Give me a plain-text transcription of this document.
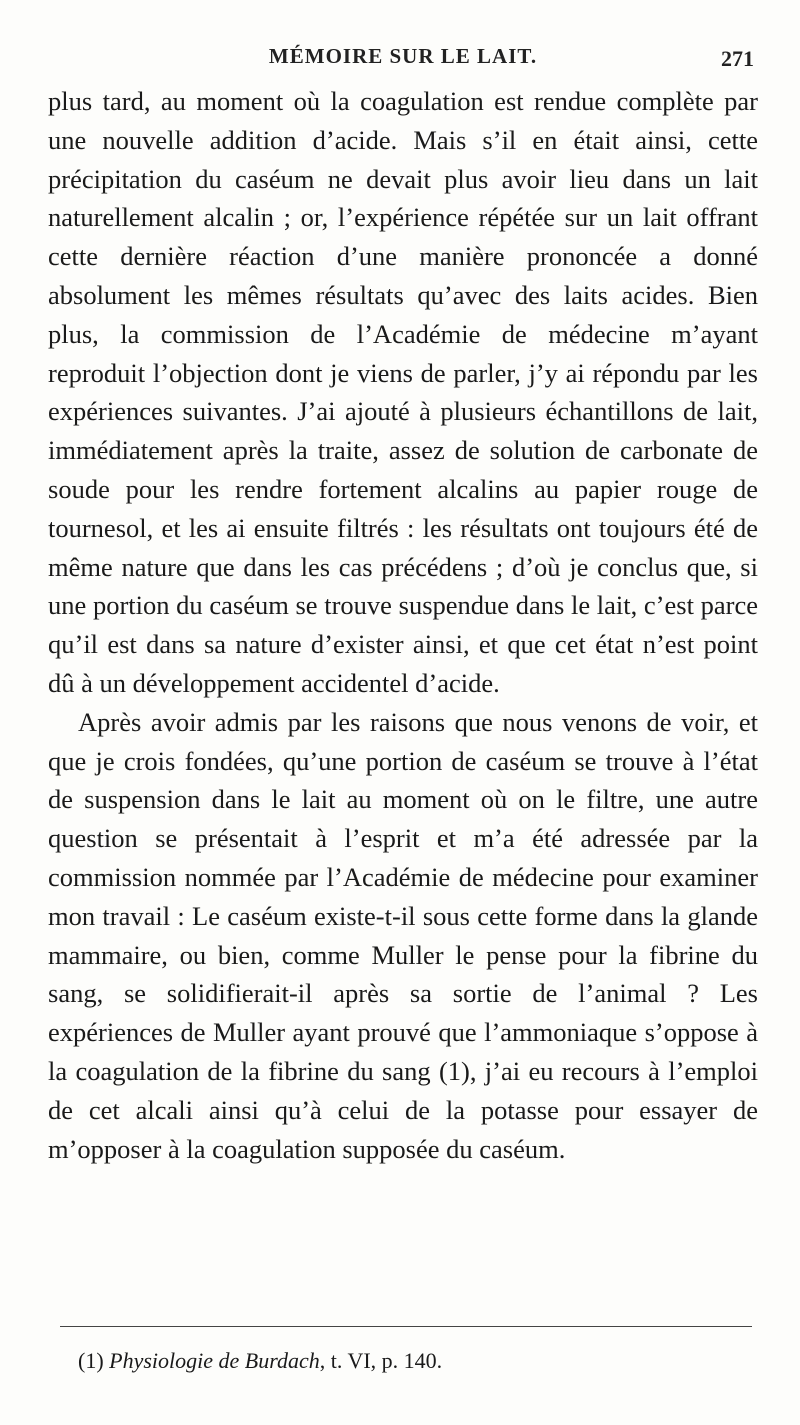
MÉMOIRE SUR LE LAIT.	271

plus tard, au moment où la coagulation est rendue complète par une nouvelle addition d’acide. Mais s’il en était ainsi, cette précipitation du caséum ne devait plus avoir lieu dans un lait naturellement alcalin ; or, l’expérience répétée sur un lait offrant cette dernière réaction d’une manière prononcée a donné absolument les mêmes résultats qu’avec des laits acides. Bien plus, la commission de l’Académie de médecine m’ayant reproduit l’objection dont je viens de parler, j’y ai répondu par les expériences suivantes. J’ai ajouté à plusieurs échantillons de lait, immédiatement après la traite, assez de solution de carbonate de soude pour les rendre fortement alcalins au papier rouge de tournesol, et les ai ensuite filtrés : les résultats ont toujours été de même nature que dans les cas précédens ; d’où je conclus que, si une portion du caséum se trouve suspendue dans le lait, c’est parce qu’il est dans sa nature d’exister ainsi, et que cet état n’est point dû à un développement accidentel d’acide.

Après avoir admis par les raisons que nous venons de voir, et que je crois fondées, qu’une portion de caséum se trouve à l’état de suspension dans le lait au moment où on le filtre, une autre question se présentait à l’esprit et m’a été adressée par la commission nommée par l’Académie de médecine pour examiner mon travail : Le caséum existe-t-il sous cette forme dans la glande mammaire, ou bien, comme Muller le pense pour la fibrine du sang, se solidifierait-il après sa sortie de l’animal ? Les expériences de Muller ayant prouvé que l’ammoniaque s’oppose à la coagulation de la fibrine du sang (1), j’ai eu recours à l’emploi de cet alcali ainsi qu’à celui de la potasse pour essayer de m’opposer à la coagulation supposée du caséum.

(1) Physiologie de Burdach, t. VI, p. 140.
